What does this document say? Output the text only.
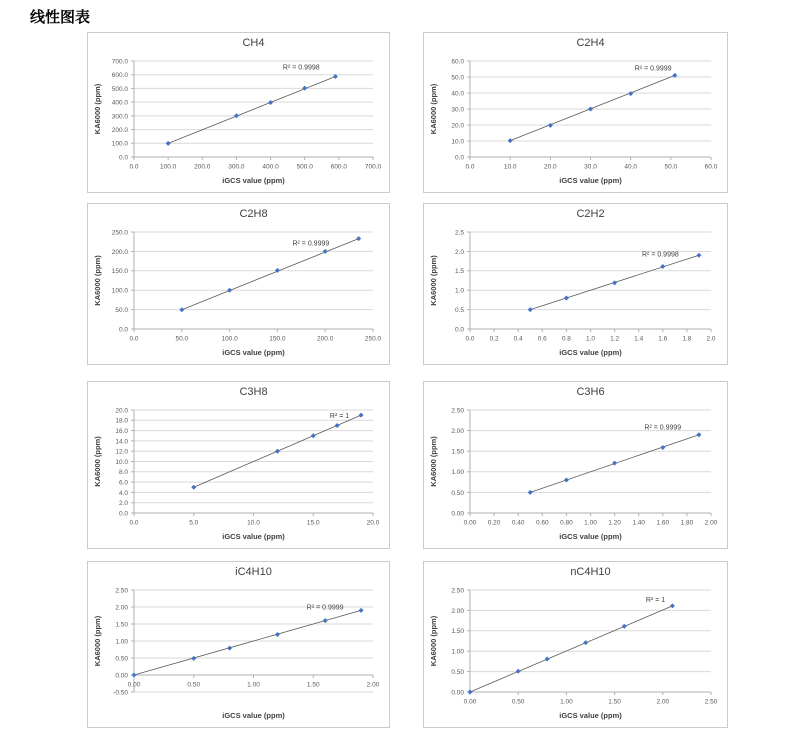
线性图表
CH4
0.0
100.0
200.0
300.0
400.0
500.0
600.0
700.0
0.0	100.0	200.0	300.0	400.0	500.0	600.0	700.0
R² = 0.9998
iGCS value (ppm)
KA6000 (ppm)
C2H4
0.0
10.0
20.0
30.0
40.0
50.0
60.0
0.0	10.0	20.0	30.0	40.0	50.0	60.0
R² = 0.9999
iGCS value (ppm)
KA6000 (ppm)
C2H8
0.0
50.0
100.0
150.0
200.0
250.0
0.0	50.0	100.0	150.0	200.0	250.0
R² = 0.9999
iGCS value (ppm)
KA6000 (ppm)
C2H2
0.0
0.5
1.0
1.5
2.0
2.5
0.0 0.2 0.4 0.6 0.8 1.0 1.2 1.4 1.6 1.8 2.0
R² = 0.9998
iGCS value (ppm)
KA6000 (ppm)
C3H8
0.0
2.0
4.0
6.0
8.0
10.0
12.0
14.0
16.0
18.0
20.0
0.0	5.0	10.0	15.0	20.0
R² = 1
iGCS value (ppm)
KA6000 (ppm)
C3H6
0.00
0.50
1.00
1.50
2.00
2.50
0.00 0.20 0.40 0.60 0.80 1.00 1.20 1.40 1.60 1.80 2.00
R² = 0.9999
iGCS value (ppm)
KA6000 (ppm)
iC4H10
-0.50
0.00
0.50
1.00
1.50
2.00
2.50
0.00	0.50	1.00	1.50	2.00
R² = 0.9999
iGCS value (ppm)
KA6000 (ppm)
nC4H10
0.00
0.50
1.00
1.50
2.00
2.50
0.00	0.50	1.00	1.50	2.00	2.50
R² = 1
iGCS value (ppm)
KA6000 (ppm)
